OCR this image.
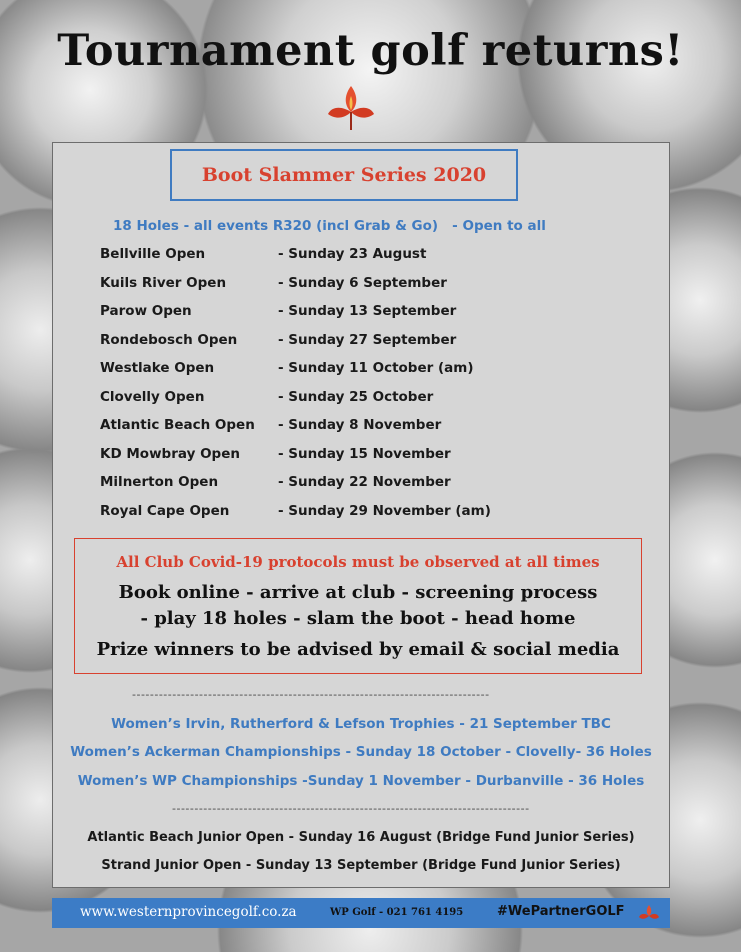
Tournament golf returns!
Boot Slammer Series 2020
18 Holes - all events R320 (incl Grab & Go)   - Open to all
Bellville Open	- Sunday 23 August
Kuils River Open	- Sunday 6 September
Parow Open	- Sunday 13 September
Rondebosch Open	- Sunday 27 September
Westlake Open	- Sunday 11 October (am)
Clovelly Open	- Sunday 25 October
Atlantic Beach Open - Sunday 8 November
KD Mowbray Open	- Sunday 15 November
Milnerton Open	- Sunday 22 November
Royal Cape Open	- Sunday 29 November (am)
All Club Covid-19 protocols must be observed at all times
Book online - arrive at club - screening process
- play 18 holes - slam the boot - head home
Prize winners to be advised by email & social media
--------------------------------------------------------------------------------
Women’s Irvin, Rutherford & Lefson Trophies - 21 September TBC
Women’s Ackerman Championships - Sunday 18 October - Clovelly- 36 Holes
Women’s WP Championships -Sunday 1 November - Durbanville - 36 Holes
--------------------------------------------------------------------------------
Atlantic Beach Junior Open - Sunday 16 August (Bridge Fund Junior Series)
Strand Junior Open - Sunday 13 September (Bridge Fund Junior Series)
www.westernprovincegolf.co.za	WP Golf - 021 761 4195	#WePartnerGOLF
